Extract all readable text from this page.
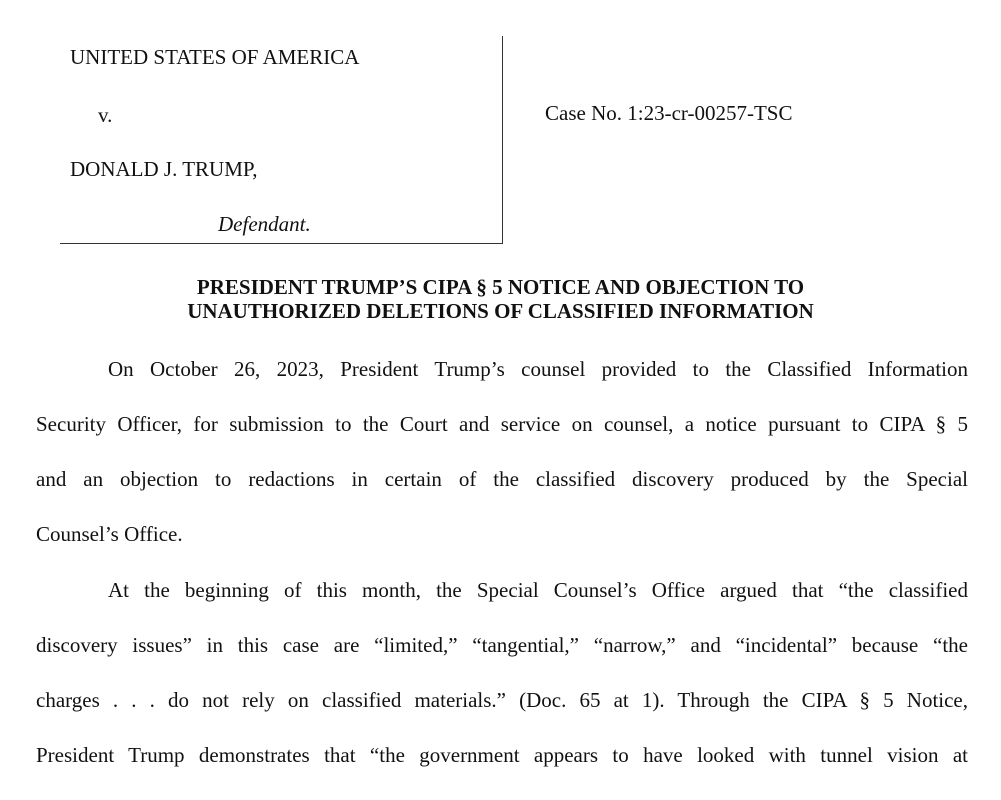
UNITED STATES OF AMERICA
v.
DONALD J. TRUMP,
Defendant.
Case No. 1:23-cr-00257-TSC
PRESIDENT TRUMP’S CIPA § 5 NOTICE AND OBJECTION TO
UNAUTHORIZED DELETIONS OF CLASSIFIED INFORMATION
On October 26, 2023, President Trump’s counsel provided to the Classified Information
Security Officer, for submission to the Court and service on counsel, a notice pursuant to CIPA § 5
and an objection to redactions in certain of the classified discovery produced by the Special
Counsel’s Office.
At the beginning of this month, the Special Counsel’s Office argued that “the classified
discovery issues” in this case are “limited,” “tangential,” “narrow,” and “incidental” because “the
charges . . . do not rely on classified materials.” (Doc. 65 at 1). Through the CIPA § 5 Notice,
President Trump demonstrates that “the government appears to have looked with tunnel vision at
